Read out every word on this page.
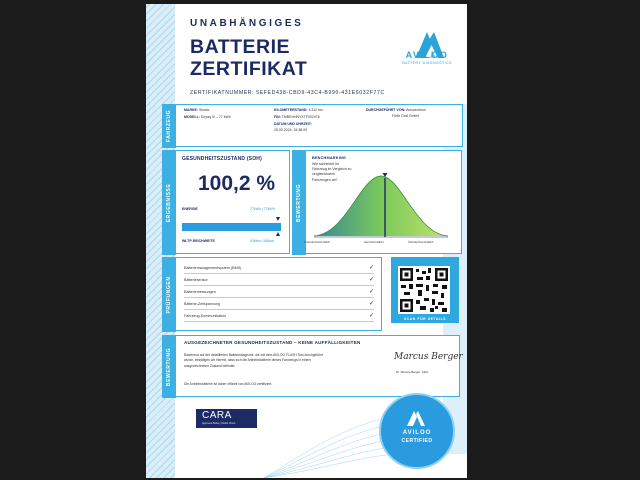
UNABHÄNGIGES
BATTERIE
ZERTIFIKAT
ZERTIFIKATNUMMER: 5EFED438-CBD9-43C4-B990-431E6032F77C
AVILOO
BATTERY DIAGNOSTICS
FAHRZEUG	MARKE: Skoda
MODELL: Enyaq iV – 77 kWh
KILOMETERSTAND: 4.112 km
FIN: TMBEHHNYXTF002976
DATUM UND UHRZEIT:
25.09.2024, 15:38:09
DURCHGEFÜHRT VON: Autozentrum
Fürth Graf GmbH
ERGEBNISSE
GESUNDHEITSZUSTAND (SOH)
100,2 %
ENERGIE	77kWh | 77kWh
WLTP-REICHWEITE	536km | 536km
BEWERTUNG
BENCHMARKING
Wie schneidet Ihr
Fahrzeug im Vergleich zu
vergleichbaren
Fahrzeugen ab?
Unterdurchschnittlich	Durchschnittlich	Überdurchschnittlich
PRÜFUNGEN
Batteriemanagementsystem (BMS)	✓
Batteriesensor	✓
Batteriemessungen	✓
Batterie-Zellspannung	✓
Fahrzeug-Kommunikation	✓	SCAN FÜR DETAILS
BEWERTUNG
AUSGEZEICHNETER GESUNDHEITSZUSTAND – KEINE AUFFÄLLIGKEITEN
Basierend auf der detaillierten Batteriediagnose, die mit dem AVILOO FLASH Test durchgeführt
wurde, bestätigen wir hiermit, dass sich die Antriebsbatterie dieses Fahrzeugs in einem
ausgezeichneten Zustand befindet.
Die Antriebsbatterie ist daher offiziell von AVILOO zertifiziert.
Marcus Berger
Dr. Marcus Berger, CEO
CARA
Approved Battery Health Check
AVILOO
CERTIFIED
